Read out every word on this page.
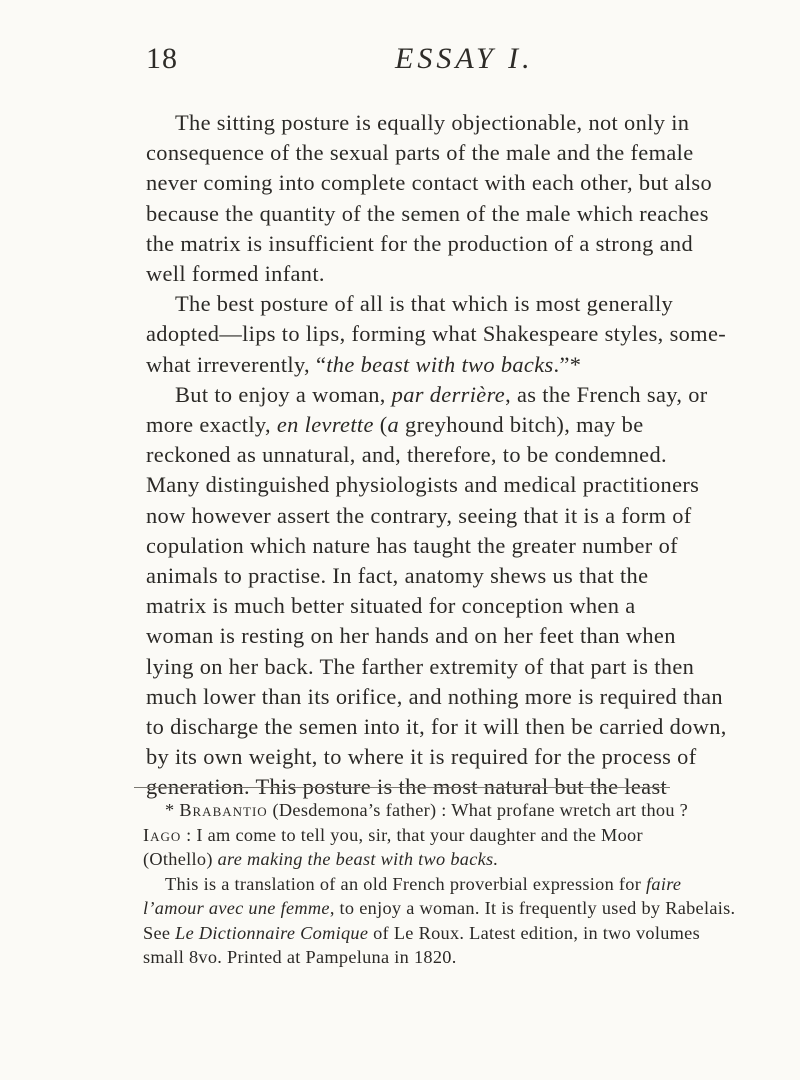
18	ESSAY I.
The sitting posture is equally objectionable, not only in
consequence of the sexual parts of the male and the female
never coming into complete contact with each other, but also
because the quantity of the semen of the male which reaches
the matrix is insufficient for the production of a strong and
well formed infant.
The best posture of all is that which is most generally
adopted—lips to lips, forming what Shakespeare styles, some-
what irreverently, “the beast with two backs.”*
But to enjoy a woman, par derrière, as the French say, or
more exactly, en levrette (a greyhound bitch), may be
reckoned as unnatural, and, therefore, to be condemned.
Many distinguished physiologists and medical practitioners
now however assert the contrary, seeing that it is a form of
copulation which nature has taught the greater number of
animals to practise. In fact, anatomy shews us that the
matrix is much better situated for conception when a
woman is resting on her hands and on her feet than when
lying on her back. The farther extremity of that part is then
much lower than its orifice, and nothing more is required than
to discharge the semen into it, for it will then be carried down,
by its own weight, to where it is required for the process of
generation. This posture is the most natural but the least
* Brabantio (Desdemona’s father) : What profane wretch art thou ?
Iago : I am come to tell you, sir, that your daughter and the Moor
(Othello) are making the beast with two backs.
This is a translation of an old French proverbial expression for faire
l’amour avec une femme, to enjoy a woman. It is frequently used by Rabelais.
See Le Dictionnaire Comique of Le Roux. Latest edition, in two volumes
small 8vo. Printed at Pampeluna in 1820.
